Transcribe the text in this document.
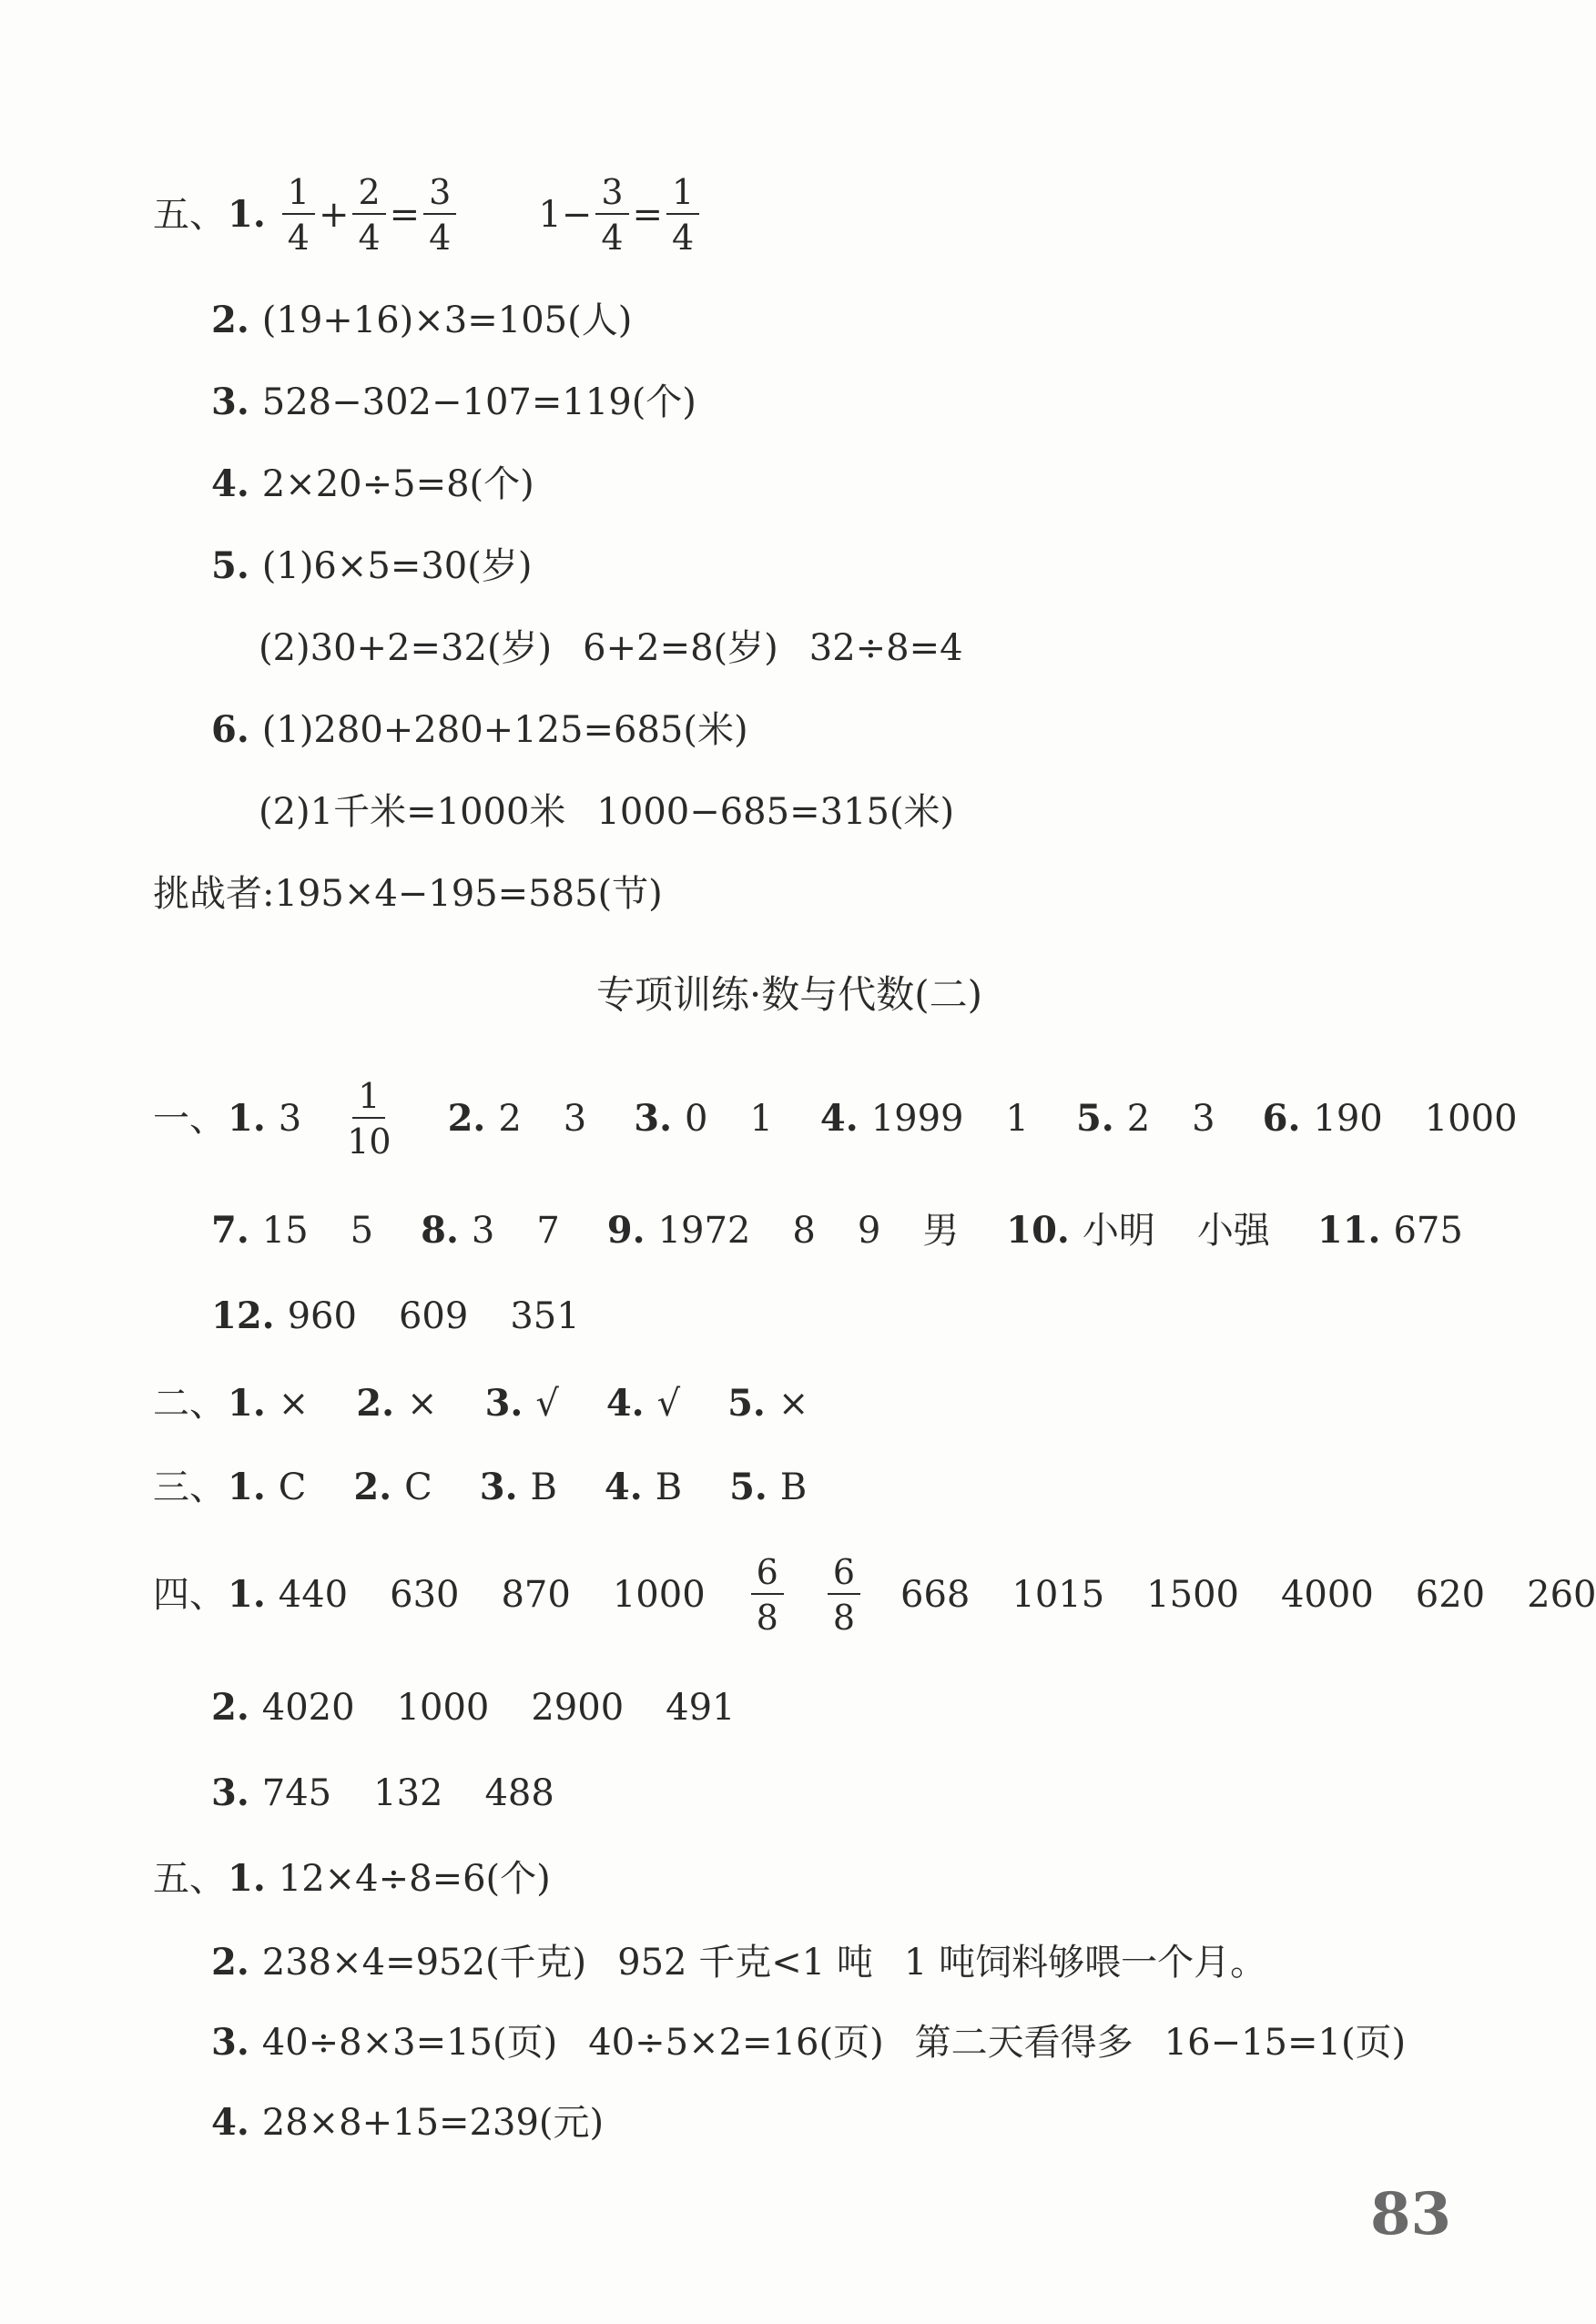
五、 1. $\frac{1}{4} + \frac{2}{4} = \frac{3}{4} 1- \frac{3}{4} = \frac{1}{4}$
2. (19+16)×3=105(人)
3. 528−302−107=119(个)
4. 2×20÷5=8(个)
5. (1)6×5=30(岁)
(2)30+2=32(岁) 6+2=8(岁) 32÷8=4
6. (1)280+280+125=685(米)
(2)1千米=1000米 1000−685=315(米)
挑战者:195×4−195=585(节)
专项训练·数与代数(二)
一、 1. $3 \frac{1}{10} 2$. 2 3 3. 0 1 4. 1999 1 5. 2 3 6. 190 1000
7. 15 5 8. 3 7 9. 1972 8 9 男 10. 小明 小强 11. 675
12. 960 609 351
二、 1. × 2. × 3. √ 4. √ 5. ×
三、 1. C 2. C 3. B 4. B 5. B
四、 1. 440 630 870 $1000 \frac{6}{8} \frac{6}{8} 668$ 1015 1500 4000 620 260
2. 4020 1000 2900 491
3. 745 132 488
五、 1. 12×4÷8=6(个)
2. 238×4=952(千克) 952 千克<1 吨 1 吨饲料够喂一个月。
3. 40÷8×3=15(页) 40÷5×2=16(页) 第二天看得多 16−15=1(页)
4. 28×8+15=239(元)
83
